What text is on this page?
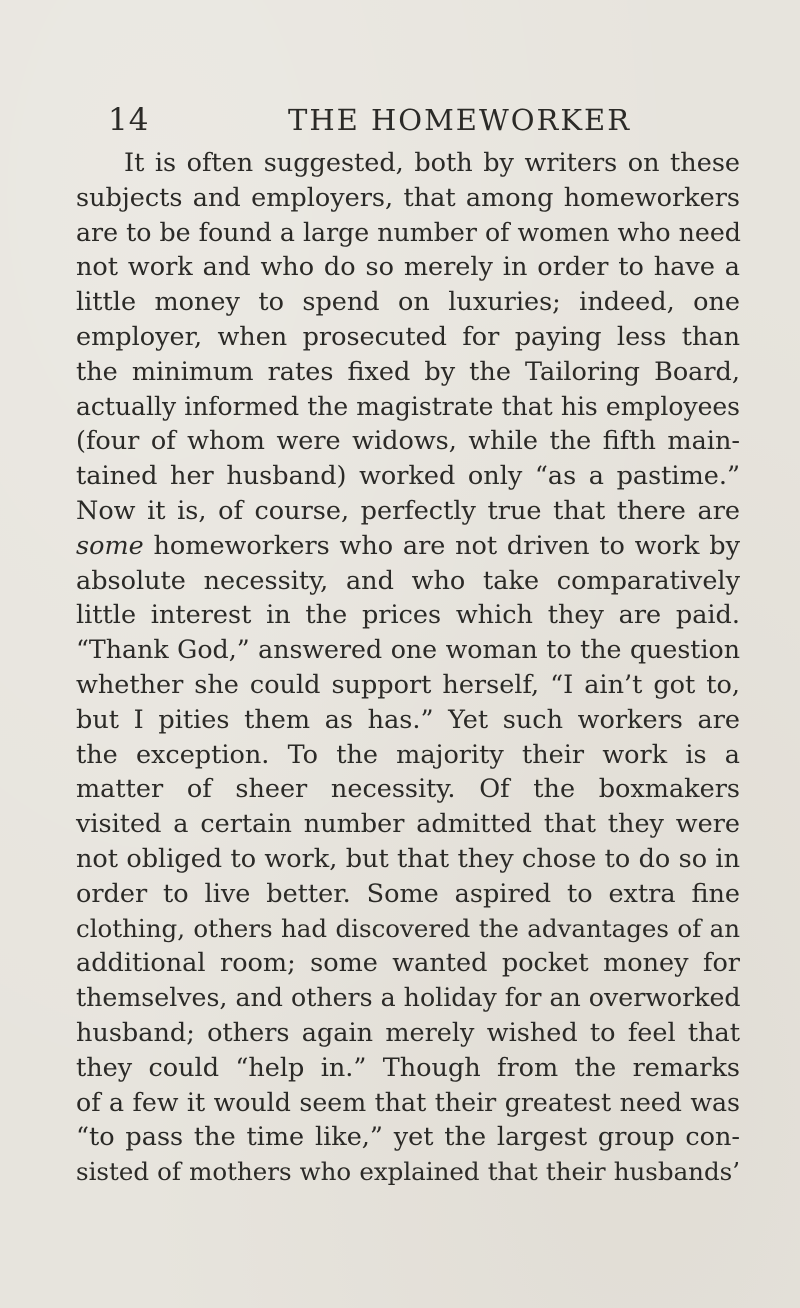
14	THE HOMEWORKER
It is often suggested, both by writers on these
subjects and employers, that among homeworkers
are to be found a large number of women who need
not work and who do so merely in order to have a
little money to spend on luxuries; indeed, one
employer, when prosecuted for paying less than
the minimum rates fixed by the Tailoring Board,
actually informed the magistrate that his employees
(four of whom were widows, while the fifth main-
tained her husband) worked only “as a pastime.”
Now it is, of course, perfectly true that there are
some homeworkers who are not driven to work by
absolute necessity, and who take comparatively
little interest in the prices which they are paid.
“Thank God,” answered one woman to the question
whether she could support herself, “I ain’t got to,
but I pities them as has.” Yet such workers are
the exception. To the majority their work is a
matter of sheer necessity. Of the boxmakers
visited a certain number admitted that they were
not obliged to work, but that they chose to do so in
order to live better. Some aspired to extra fine
clothing, others had discovered the advantages of an
additional room; some wanted pocket money for
themselves, and others a holiday for an overworked
husband; others again merely wished to feel that
they could “help in.” Though from the remarks
of a few it would seem that their greatest need was
“to pass the time like,” yet the largest group con-
sisted of mothers who explained that their husbands’
